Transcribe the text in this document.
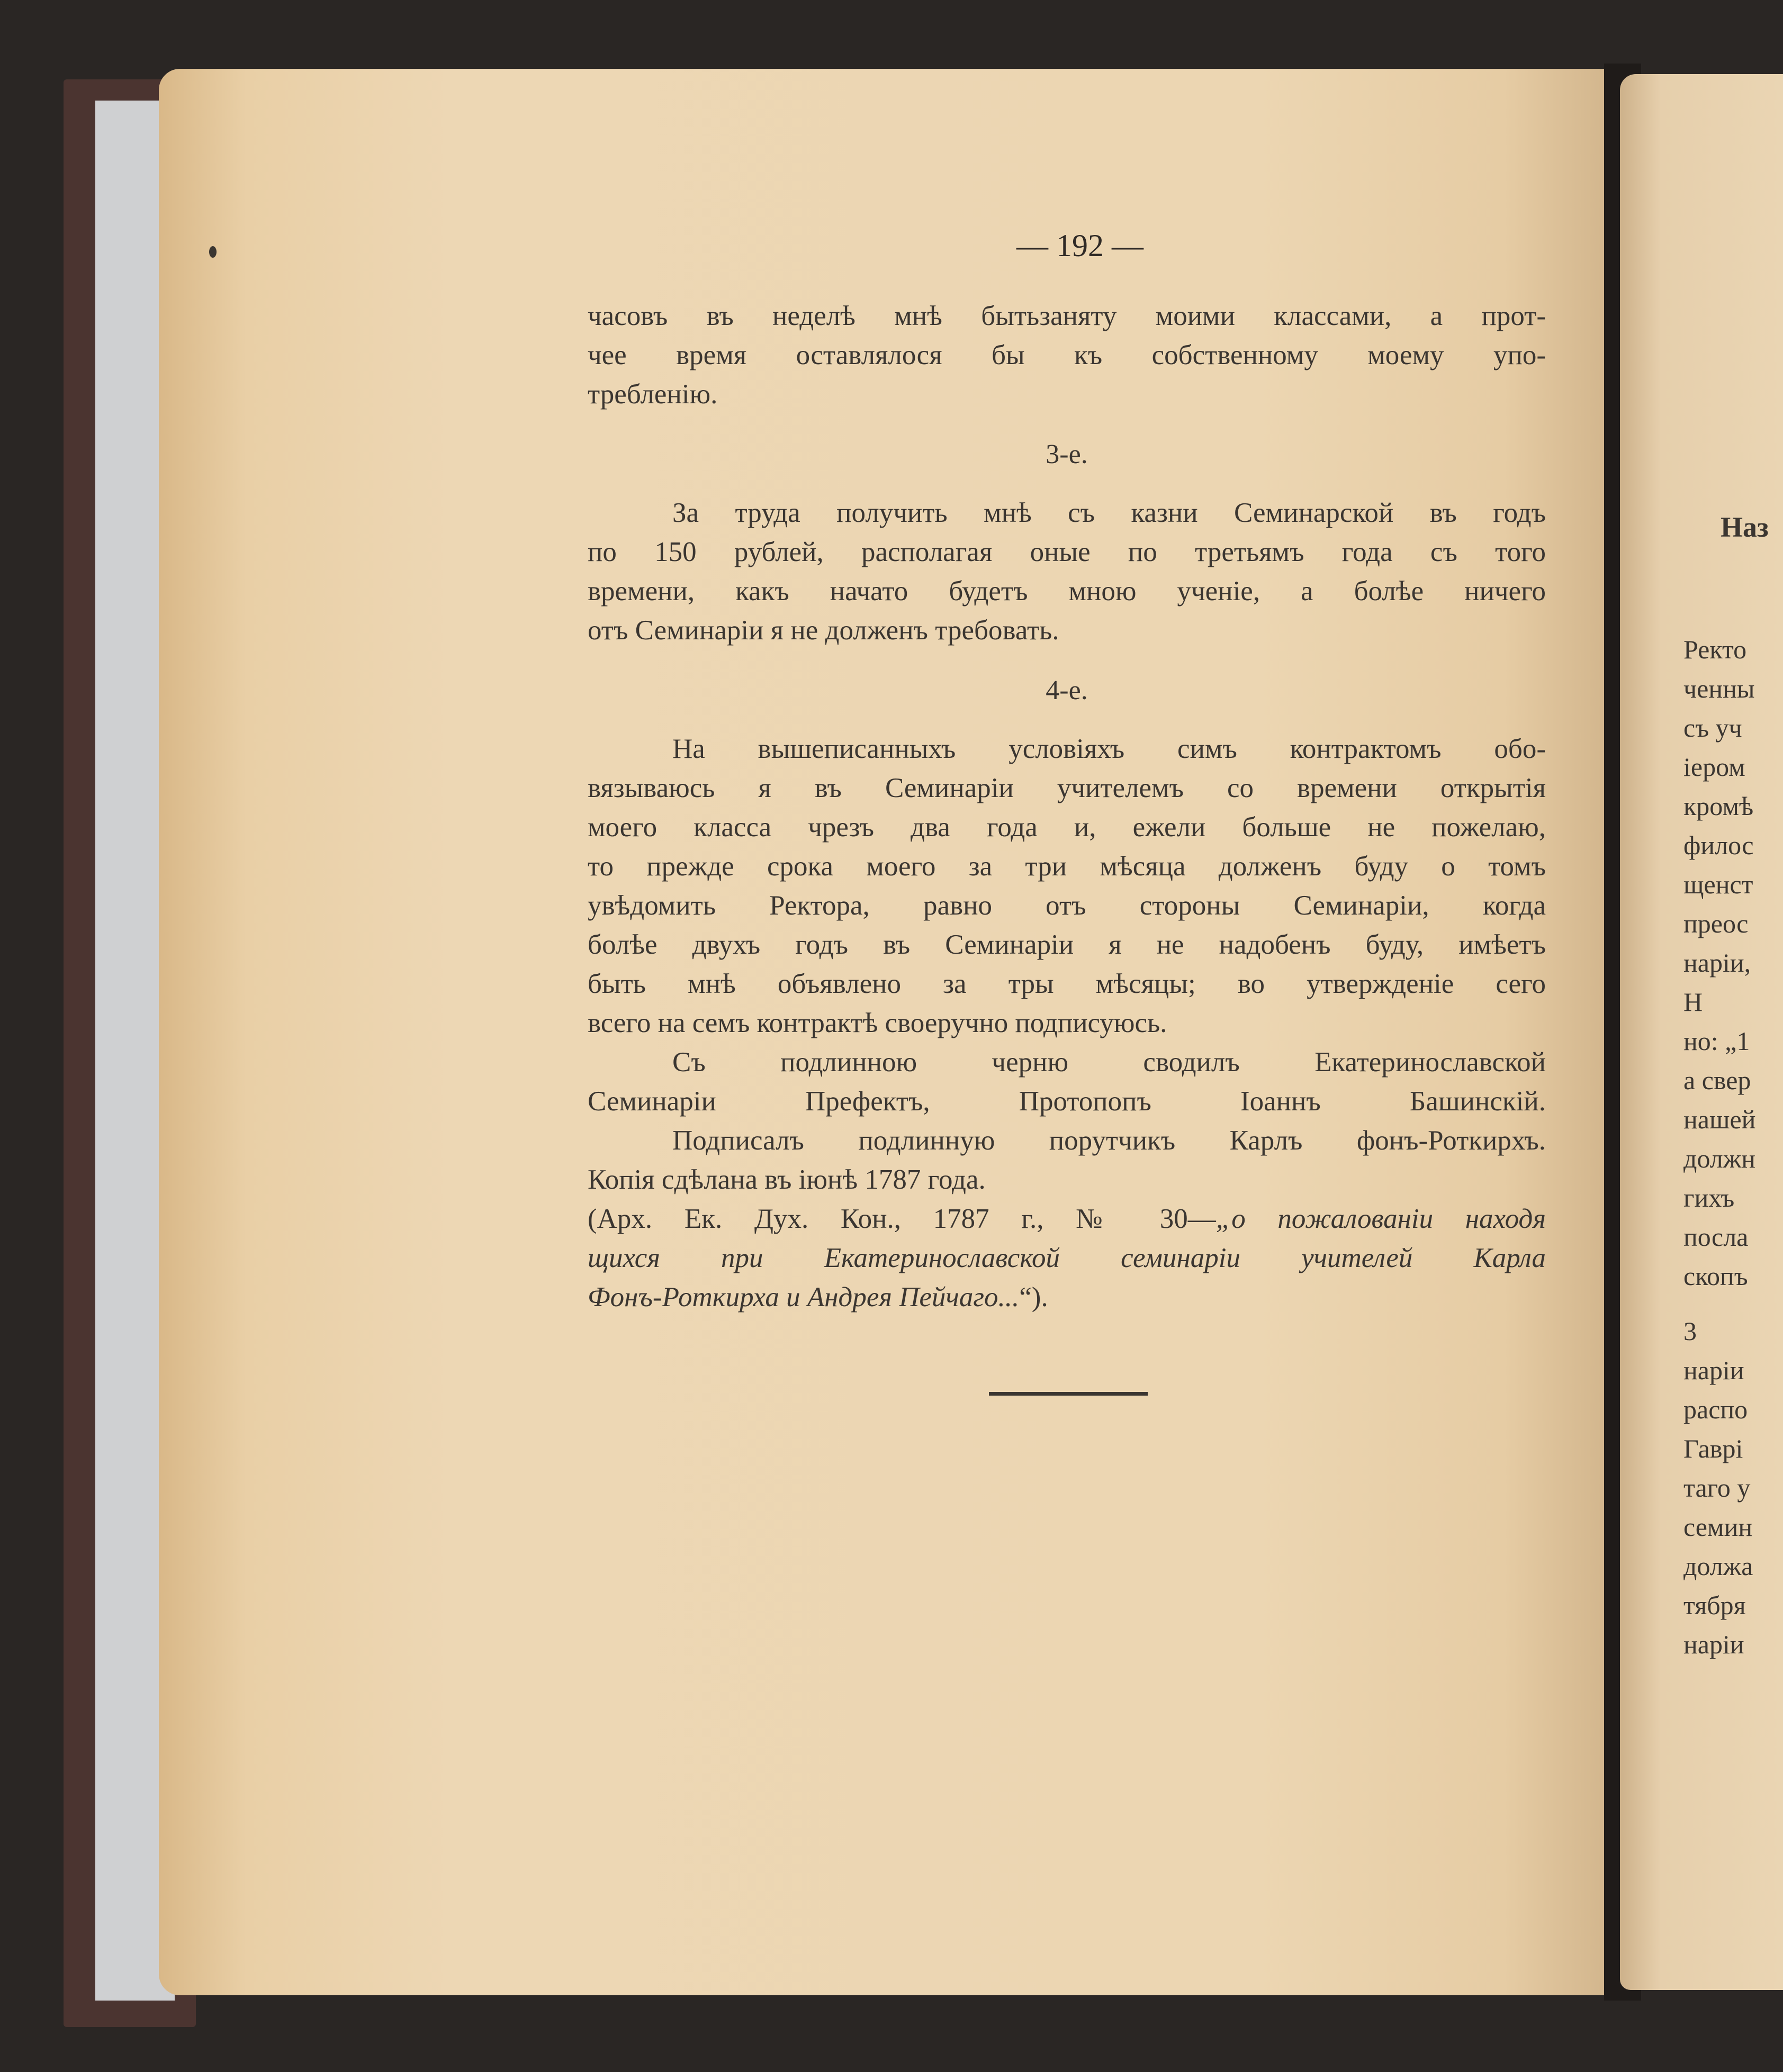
— 192 —
часовъ въ неделѣ мнѣ бытьзаняту моими классами, а прот-
чее время оставлялося бы къ собственному моему упо-
требленію.
3-е.
За труда получить мнѣ съ казни Семинарской въ годъ
по 150 рублей, располагая оные по третьямъ года съ того
времени, какъ начато будетъ мною ученіе, а болѣе ничего
отъ Семинаріи я не долженъ требовать.
4-е.
На вышеписанныхъ условіяхъ симъ контрактомъ обо-
вязываюсь я въ Семинаріи учителемъ со времени открытія
моего класса чрезъ два года и, ежели больше не пожелаю,
то прежде срока моего за три мѣсяца долженъ буду о томъ
увѣдомить Ректора, равно отъ стороны Семинаріи, когда
болѣе двухъ годъ въ Семинаріи я не надобенъ буду, имѣетъ
быть мнѣ объявлено за тры мѣсяцы; во утвержденіе сего
всего на семъ контрактѣ своеручно подписуюсь.
Съ подлинною черню сводилъ Екатеринославской
Семинаріи Префектъ, Протопопъ Іоаннъ Башинскій.
Подписалъ подлинную порутчикъ Карлъ фонъ-Роткирхъ.
Копія сдѣлана въ іюнѣ 1787 года.
(Арх. Ек. Дух. Кон., 1787 г., № 30—„о пожалованіи находя
щихся при Екатеринославской семинаріи учителей Карла
Фонъ-Роткирха и Андрея Пейчаго...“).
Наз
Ректо
ченны
съ уч
іером
кромѣ
филос
щенст
преос
наріи,
Н
но: „1
а свер
нашей
должн
гихъ
посла
скопъ
3
наріи
распо
Гаврі
таго у
семин
должа
тября
наріи
